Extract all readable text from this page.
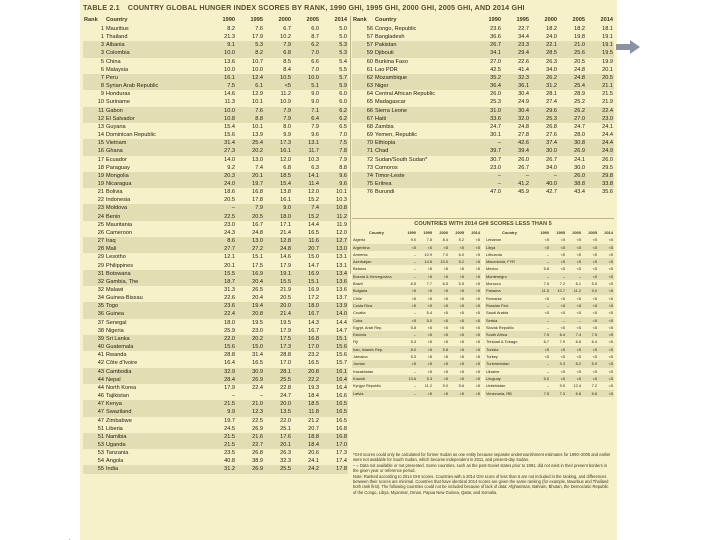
TABLE 2.1 COUNTRY GLOBAL HUNGER INDEX SCORES BY RANK, 1990 GHI, 1995 GHI, 2000 GHI, 2005 GHI, AND 2014 GHI
Rank	Country	1990	1995	2000	2005	2014
1	Mauritius	8.2	7.6	6.7	6.0	5.0
1	Thailand	21.3	17.9	10.2	8.7	5.0
3	Albania	9.1	5.3	7.9	6.2	5.3
3	Colombia	10.0	8.2	6.8	7.0	5.3
5	China	13.6	10.7	8.5	6.6	5.4
6	Malaysia	10.0	10.0	8.4	7.0	5.5
7	Peru	16.1	12.4	10.5	10.0	5.7
8	Syrian Arab Republic	7.5	6.1	<5	5.1	5.9
9	Honduras	14.6	12.9	11.2	9.0	6.0
10	Suriname	11.3	10.1	10.9	9.0	6.0
11	Gabon	10.0	7.6	7.9	7.1	6.2
12	El Salvador	10.8	8.8	7.9	6.4	6.2
13	Guyana	15.4	10.1	8.0	7.9	6.5
14	Dominican Republic	15.6	13.9	9.9	9.6	7.0
15	Vietnam	31.4	25.4	17.3	13.1	7.5
16	Ghana	27.3	20.2	16.1	11.7	7.8
17	Ecuador	14.0	13.0	12.0	10.3	7.9
18	Paraguay	9.2	7.4	6.8	6.3	8.8
19	Mongolia	20.3	20.1	18.5	14.1	9.6
19	Nicaragua	24.0	19.7	15.4	11.4	9.6
21	Bolivia	18.6	16.8	13.8	12.0	10.1
22	Indonesia	20.5	17.8	16.1	15.2	10.3
23	Moldova	–	7.9	9.0	7.4	10.8
24	Benin	22.5	20.5	18.0	15.2	11.2
25	Mauritania	23.0	16.7	17.1	14.4	11.9
26	Cameroon	24.3	24.8	21.4	16.5	12.0
27	Iraq	8.6	13.0	12.8	11.6	12.7
28	Mali	27.7	27.2	24.8	20.7	13.0
29	Lesotho	12.1	15.1	14.6	15.0	13.1
29	Philippines	20.1	17.5	17.9	14.7	13.1
31	Botswana	15.5	16.9	19.1	16.9	13.4
32	Gambia, The	18.7	20.4	15.5	15.1	13.6
32	Malawi	31.3	26.5	21.9	16.9	13.6
34	Guinea-Bissau	22.6	20.4	20.5	17.2	13.7
35	Togo	23.6	19.4	20.0	18.0	13.9
36	Guinea	22.4	20.8	21.4	16.7	14.0
37	Senegal	18.0	19.5	19.5	14.3	14.4
38	Nigeria	25.9	23.0	17.9	16.7	14.7
39	Sri Lanka	22.0	20.2	17.5	16.8	15.1
40	Guatemala	15.6	15.0	17.3	17.0	15.6
41	Rwanda	28.8	31.4	28.8	23.2	15.6
42	Côte d'Ivoire	16.4	16.5	17.0	16.5	15.7
43	Cambodia	32.9	30.9	28.1	20.8	16.1
44	Nepal	28.4	26.9	25.5	22.2	16.4
44	North Korea	17.9	22.4	22.8	19.3	16.4
46	Tajikistan	–	–	24.7	18.4	16.6
47	Kenya	21.5	21.0	20.0	18.5	16.5
47	Swaziland	9.9	12.3	13.5	11.8	16.5
47	Zimbabwe	19.7	22.5	22.0	21.2	16.5
51	Liberia	24.5	26.9	25.1	20.7	16.8
51	Namibia	21.5	21.6	17.6	18.8	16.8
53	Uganda	21.5	22.7	20.1	18.4	17.0
53	Tanzania	23.5	26.8	26.3	20.6	17.3
54	Angola	40.8	38.9	32.3	24.1	17.4
55	India	31.2	26.9	25.5	24.2	17.8
Rank	Country	1990	1995	2000	2005	2014
56	Congo, Republic	23.6	22.7	18.2	18.2	18.1
57	Bangladesh	36.6	34.4	24.0	19.8	19.1
57	Pakistan	26.7	23.3	22.1	21.0	19.1
59	Djibouti	34.1	29.4	28.5	25.6	19.5
60	Burkina Faso	27.0	22.6	26.3	20.5	19.9
61	Lao PDR	42.5	41.4	34.0	24.8	20.1
62	Mozambique	35.2	32.3	26.2	24.8	20.5
63	Niger	36.4	36.1	31.2	25.4	21.1
64	Central African Republic	26.0	30.4	28.1	28.9	21.5
65	Madagascar	25.3	24.9	27.4	25.2	21.9
66	Sierra Leone	31.0	30.4	29.6	26.2	22.4
67	Haiti	33.6	32.0	25.3	27.0	23.0
68	Zambia	24.7	24.8	26.8	24.7	24.1
69	Yemen, Republic	30.1	27.8	27.6	28.0	24.4
70	Ethiopia	–	42.6	37.4	30.8	24.4
71	Chad	39.7	39.4	30.0	26.9	24.9
72	Sudan/South Sudan*	30.7	26.0	26.7	24.1	26.0
73	Comoros	23.0	26.7	34.0	30.0	29.5
74	Timor-Leste	–	–	–	26.0	29.8
75	Eritrea	–	41.2	40.0	38.8	33.8
76	Burundi	47.0	45.9	42.7	43.4	35.6
COUNTRIES WITH 2014 GHI SCORES LESS THAN 5
Country	1990	1995	2000	2005	2014
Algeria	9.0	7.5	8.4	5.2	<5
Argentina	<5	<5	<5	<5	<5
Armenia	–	10.9	7.0	6.0	<5
Azerbaijan	–	14.6	10.0	5.2	<5
Belarus	–	<5	<5	<5	<5
Bosnia & Herzegovina	–	<5	<5	<5	<5
Brazil	8.5	7.7	6.5	5.5	<5
Bulgaria	<5	<5	<5	<5	<5
Chile	<5	<5	<5	<5	<5
Costa Rica	<5	<5	<5	<5	<5
Croatia	–	5.4	<5	<5	<5
Cuba	<5	5.0	<5	<5	<5
Egypt, Arab Rep.	5.8	<5	<5	<5	<5
Estonia	–	<5	<5	<5	<5
Fiji	5.3	<5	<5	<5	<5
Iran, Islamic Rep.	8.0	<5	5.8	<5	<5
Jamaica	5.3	<5	<5	<5	<5
Jordan	<5	<5	<5	<5	<5
Kazakhstan	–	<5	<5	<5	<5
Kuwait	13.6	5.3	<5	<5	<5
Kyrgyz Republic	–	11.2	9.0	5.6	<5
Latvia	–	<5	<5	<5	<5
Country	1990	1995	2000	2005	2014
Lebanon	<5	<5	<5	<5	<5
Libya	<5	<5	<5	<5	<5
Lithuania	–	<5	<5	<5	<5
Macedonia, FYR	–	<5	<5	<5	<5
Mexico	5.8	<5	<5	<5	<5
Montenegro	–	–	–	<5	<5
Morocco	7.5	7.2	6.1	5.5	<5
Panama	11.5	10.7	11.2	9.0	<5
Romania	<5	<5	<5	<5	<5
Russian Fed.	–	<5	<5	<5	<5
Saudi Arabia	<5	<5	<5	<5	<5
Serbia	–	–	–	<5	<5
Slovak Republic	–	<5	<5	<5	<5
South Africa	7.5	6.4	7.4	7.5	<5
Trinidad & Tobago	6.7	7.9	6.8	6.4	<5
Tunisia	<5	<5	<5	<5	<5
Turkey	<5	<5	<5	<5	<5
Turkmenistan	–	9.3	8.2	5.9	<5
Ukraine	–	<5	<5	<5	<5
Uruguay	5.0	<5	<5	<5	<5
Uzbekistan	–	9.5	12.4	7.2	<5
Venezuela, RB	7.5	7.3	6.8	5.8	<5

*GHI scores could only be calculated for former Sudan as one entity because separate undernourishment estimates for 1990–2005 and earlier were not available for South Sudan, which became independent in 2011, and present-day Sudan.

– = Data not available or not presented. Some countries, such as the post-Soviet states prior to 1991, did not exist in their present borders in the given year or reference period.

Note: Ranked according to 2014 GHI scores. Countries with a 2014 GHI score of less than 5 are not included in the ranking, and differences between their scores are minimal. Countries that have identical 2014 scores are given the same ranking (for example, Mauritius and Thailand both rank first). The following countries could not be included because of lack of data: Afghanistan, Bahrain, Bhutan, the Democratic Republic of the Congo, Libya, Myanmar, Oman, Papua New Guinea, Qatar, and Somalia.
